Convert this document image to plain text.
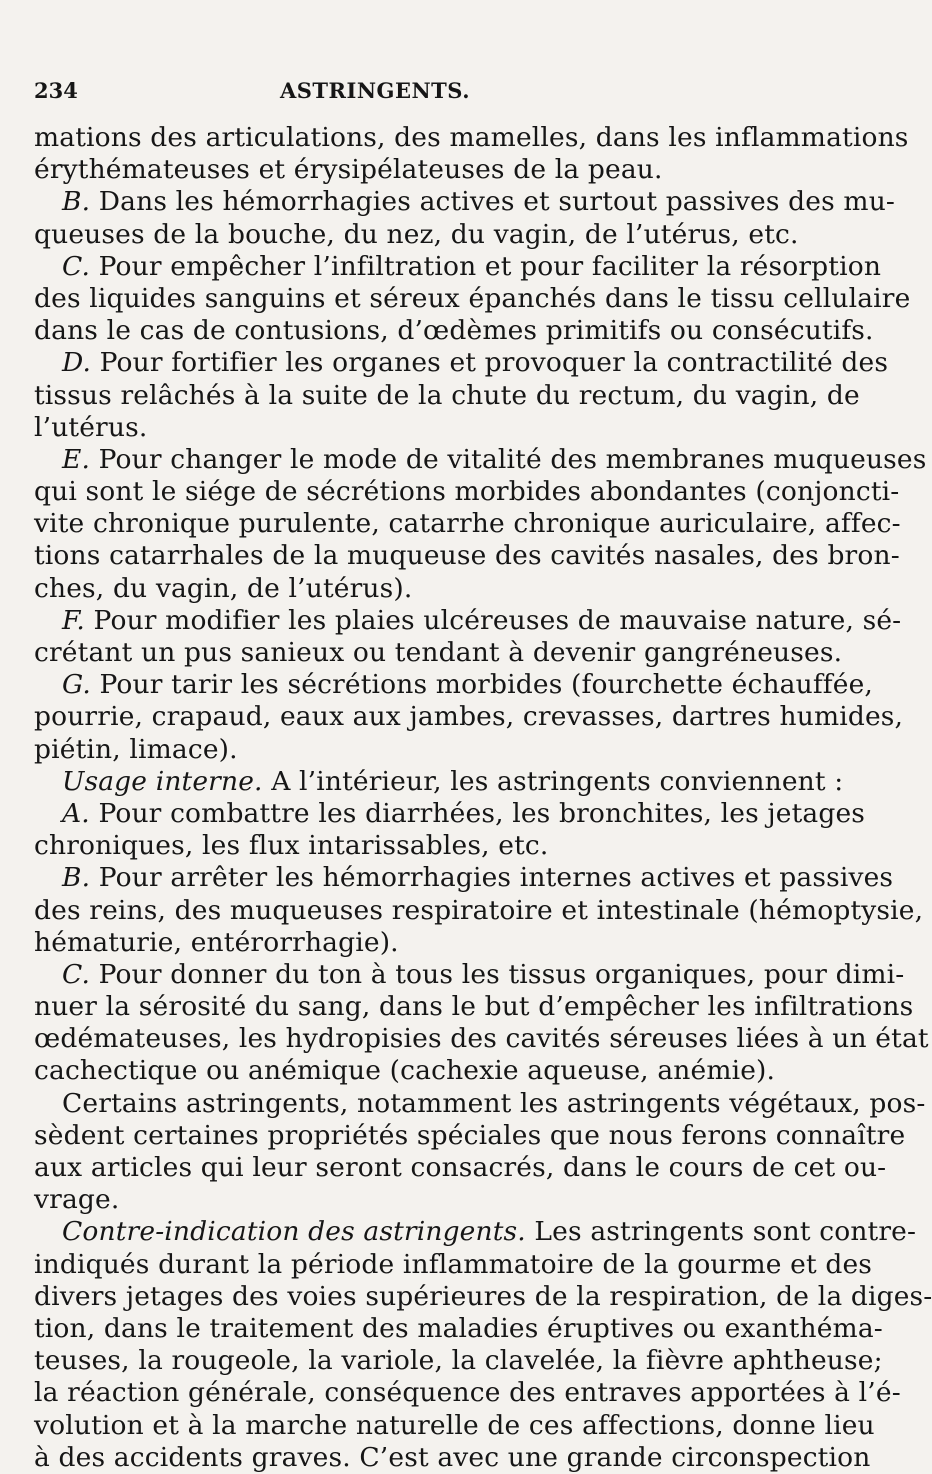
234	ASTRINGENTS.
mations des articulations, des mamelles, dans les inflammations
érythémateuses et érysipélateuses de la peau.
B. Dans les hémorrhagies actives et surtout passives des mu-
queuses de la bouche, du nez, du vagin, de l’utérus, etc.
C. Pour empêcher l’infiltration et pour faciliter la résorption
des liquides sanguins et séreux épanchés dans le tissu cellulaire
dans le cas de contusions, d’œdèmes primitifs ou consécutifs.
D. Pour fortifier les organes et provoquer la contractilité des
tissus relâchés à la suite de la chute du rectum, du vagin, de
l’utérus.
E. Pour changer le mode de vitalité des membranes muqueuses
qui sont le siége de sécrétions morbides abondantes (conjoncti-
vite chronique purulente, catarrhe chronique auriculaire, affec-
tions catarrhales de la muqueuse des cavités nasales, des bron-
ches, du vagin, de l’utérus).
F. Pour modifier les plaies ulcéreuses de mauvaise nature, sé-
crétant un pus sanieux ou tendant à devenir gangréneuses.
G. Pour tarir les sécrétions morbides (fourchette échauffée,
pourrie, crapaud, eaux aux jambes, crevasses, dartres humides,
piétin, limace).
Usage interne. A l’intérieur, les astringents conviennent :
A. Pour combattre les diarrhées, les bronchites, les jetages
chroniques, les flux intarissables, etc.
B. Pour arrêter les hémorrhagies internes actives et passives
des reins, des muqueuses respiratoire et intestinale (hémoptysie,
hématurie, entérorrhagie).
C. Pour donner du ton à tous les tissus organiques, pour dimi-
nuer la sérosité du sang, dans le but d’empêcher les infiltrations
œdémateuses, les hydropisies des cavités séreuses liées à un état
cachectique ou anémique (cachexie aqueuse, anémie).
Certains astringents, notamment les astringents végétaux, pos-
sèdent certaines propriétés spéciales que nous ferons connaître
aux articles qui leur seront consacrés, dans le cours de cet ou-
vrage.
Contre-indication des astringents. Les astringents sont contre-
indiqués durant la période inflammatoire de la gourme et des
divers jetages des voies supérieures de la respiration, de la diges-
tion, dans le traitement des maladies éruptives ou exanthéma-
teuses, la rougeole, la variole, la clavelée, la fièvre aphtheuse;
la réaction générale, conséquence des entraves apportées à l’é-
volution et à la marche naturelle de ces affections, donne lieu
à des accidents graves. C’est avec une grande circonspection
